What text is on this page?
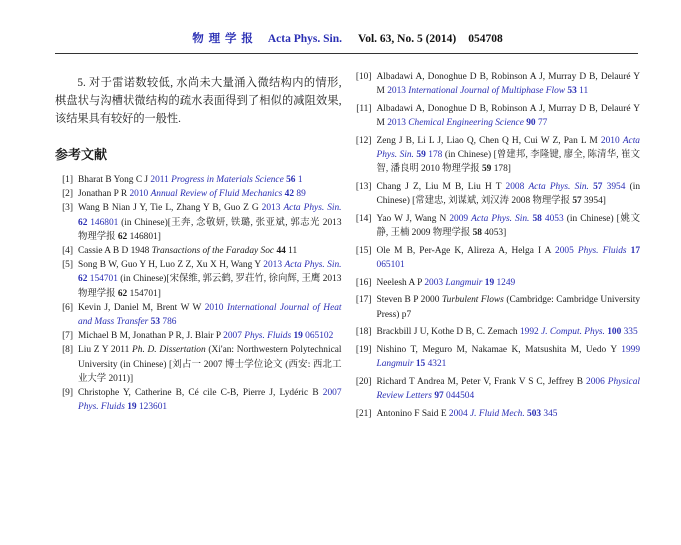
物 理 学 报 Acta Phys. Sin. Vol. 63, No. 5 (2014) 054708

5. 对于雷诺数较低, 水尚未大量涌入微结构内的情形, 棋盘状与沟槽状微结构的疏水表面得到了相似的减阻效果, 该结果具有较好的一般性.

参考文献
[1] Bharat B Yong C J 2011 Progress in Materials Science 56 1
[2] Jonathan P R 2010 Annual Review of Fluid Mechanics 42 89
[3] Wang B Nian J Y, Tie L, Zhang Y B, Guo Z G 2013 Acta Phys. Sin. 62 146801 (in Chinese)[王奔, 念敬妍, 铁璐, 张亚斌, 郭志光 2013 物理学报 62 146801]
[4] Cassie A B D 1948 Transactions of the Faraday Soc 44 11
[5] Song B W, Guo Y H, Luo Z Z, Xu X H, Wang Y 2013 Acta Phys. Sin. 62 154701 (in Chinese)[宋保维, 郭云鹤, 罗荘竹, 徐向辉, 王鹰 2013 物理学报 62 154701]
[6] Kevin J, Daniel M, Brent W W 2010 International Journal of Heat and Mass Transfer 53 786
[7] Michael B M, Jonathan P R, J. Blair P 2007 Phys. Fluids 19 065102
[8] Liu Z Y 2011 Ph. D. Dissertation (Xi'an: Northwestern Polytechnical University (in Chinese) [刘占一 2007 博士学位论文 (西安: 西北工业大学 2011)]
[9] Christophe Y, Catherine B, Cé cile C-B, Pierre J, Lydéric B 2007 Phys. Fluids 19 123601
[10] Albadawi A, Donoghue D B, Robinson A J, Murray D B, Delauré Y M 2013 International Journal of Multiphase Flow 53 11
[11] Albadawi A, Donoghue D B, Robinson A J, Murray D B, Delauré Y M 2013 Chemical Engineering Science 90 77
[12] Zeng J B, Li L J, Liao Q, Chen Q H, Cui W Z, Pan L M 2010 Acta Phys. Sin. 59 178 (in Chinese) [曾建邦, 李隆键, 廖全, 陈清华, 崔文智, 潘良明 2010 物理学报 59 178]
[13] Chang J Z, Liu M B, Liu H T 2008 Acta Phys. Sin. 57 3954 (in Chinese) [常建忠, 刘谋斌, 刘汉涛 2008 物理学报 57 3954]
[14] Yao W J, Wang N 2009 Acta Phys. Sin. 58 4053 (in Chinese) [姚文静, 王楠 2009 物理学报 58 4053]
[15] Ole M B, Per-Age K, Alireza A, Helga I A 2005 Phys. Fluids 17 065101
[16] Neelesh A P 2003 Langmuir 19 1249
[17] Steven B P 2000 Turbulent Flows (Cambridge: Cambridge University Press) p7
[18] Brackbill J U, Kothe D B, C. Zemach 1992 J. Comput. Phys. 100 335
[19] Nishino T, Meguro M, Nakamae K, Matsushita M, Uedo Y 1999 Langmuir 15 4321
[20] Richard T Andrea M, Peter V, Frank V S C, Jeffrey B 2006 Physical Review Letters 97 044504
[21] Antonino F Said E 2004 J. Fluid Mech. 503 345
